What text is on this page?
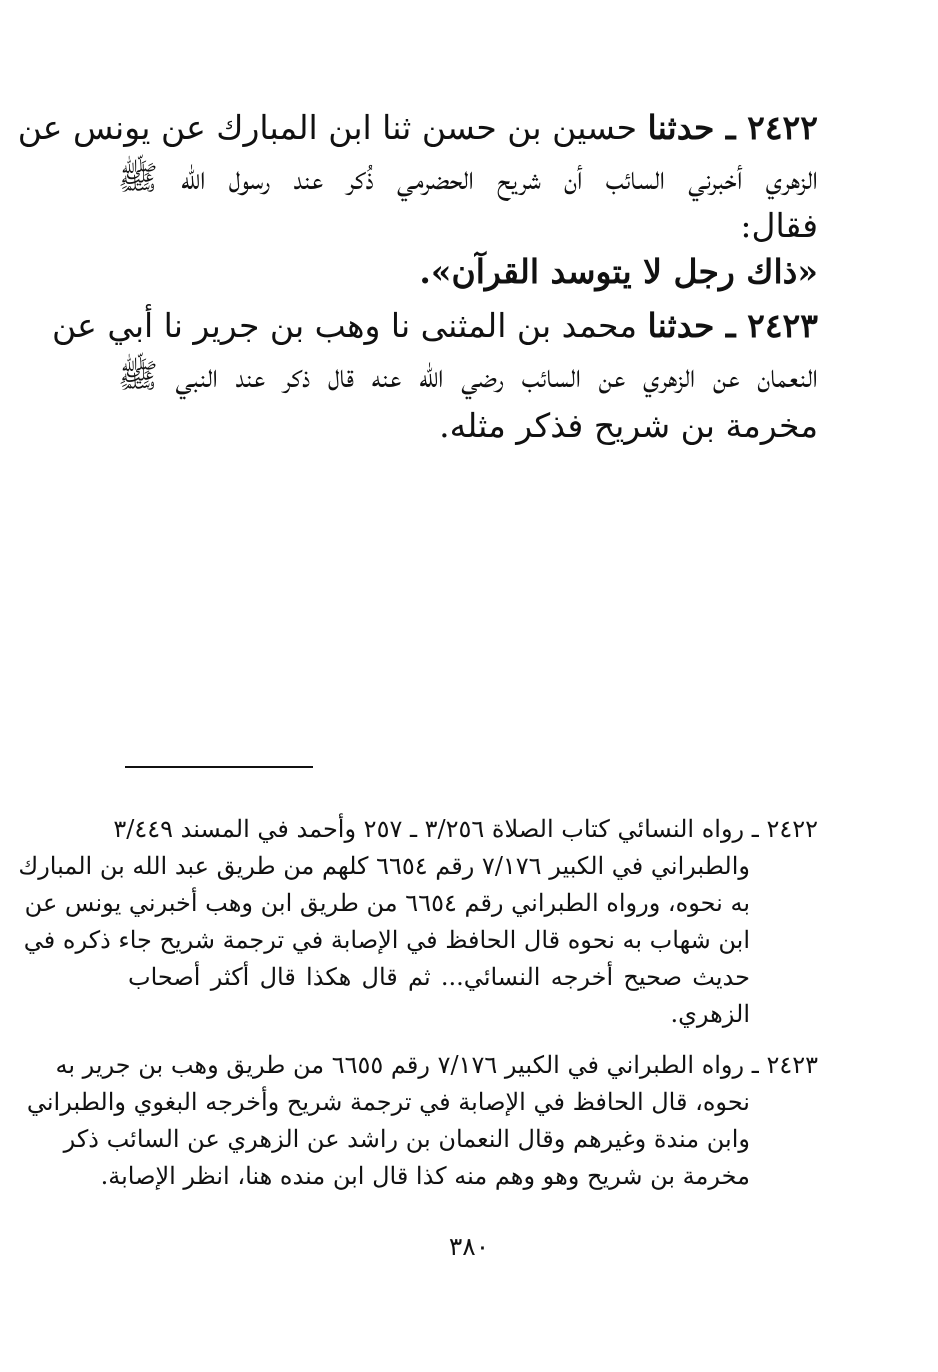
٢٤٢٢ ـ حدثنا حسين بن حسن ثنا ابن المبارك عن يونس عن
الزهري أخبرني السائب أن شريح الحضرمي ذُكر عند رسول الله ﷺ
فقال:
«ذاك رجل لا يتوسد القرآن».
٢٤٢٣ ـ حدثنا محمد بن المثنى نا وهب بن جرير نا أبي عن
النعمان عن الزهري عن السائب رضي الله عنه قال ذكر عند النبي ﷺ
مخرمة بن شريح فذكر مثله.
٢٤٢٢ ـ رواه النسائي كتاب الصلاة ٣/٢٥٦ ـ ٢٥٧ وأحمد في المسند ٣/٤٤٩
والطبراني في الكبير ٧/١٧٦ رقم ٦٦٥٤ كلهم من طريق عبد الله بن المبارك
به نحوه، ورواه الطبراني رقم ٦٦٥٤ من طريق ابن وهب أخبرني يونس عن
ابن شهاب به نحوه قال الحافظ في الإصابة في ترجمة شريح جاء ذكره في
حديث صحيح أخرجه النسائي... ثم قال هكذا قال أكثر أصحاب
الزهري.
٢٤٢٣ ـ رواه الطبراني في الكبير ٧/١٧٦ رقم ٦٦٥٥ من طريق وهب بن جرير به
نحوه، قال الحافظ في الإصابة في ترجمة شريح وأخرجه البغوي والطبراني
وابن مندة وغيرهم وقال النعمان بن راشد عن الزهري عن السائب ذكر
مخرمة بن شريح وهو وهم منه كذا قال ابن منده هنا، انظر الإصابة.
٣٨٠
